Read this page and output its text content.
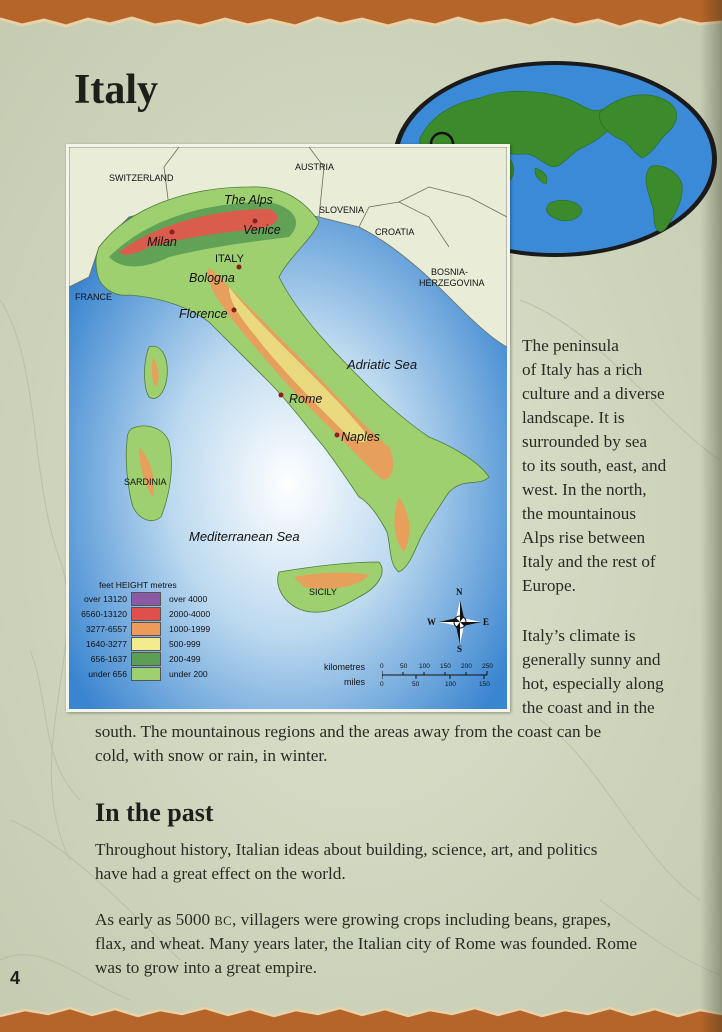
Italy
SWITZERLAND
AUSTRIA
SLOVENIA
CROATIA
BOSNIA-
HERZEGOVINA
FRANCE
ITALY
The Alps
Milan
Venice
Bologna
Florence
Rome
Naples
SARDINIA
SICILY
Adriatic Sea
Mediterranean Sea
feet HEIGHT metres
over 13120	over 4000
6560-13120	2000-4000
3277-6557	1000-1999
1640-3277	500-999
656-1637	200-499
under 656	under 200
N
S
E
W
kilometres
miles
0	50 100 150 200 250
0	50	100	150

The peninsula

of Italy has a rich

culture and a diverse

landscape. It is

surrounded by sea

to its south, east, and

west. In the north,

the mountainous

Alps rise between

Italy and the rest of

Europe.

Italy’s climate is

generally sunny and

hot, especially along

the coast and in the

south. The mountainous regions and the areas away from the coast can be

cold, with snow or rain, in winter.

In the past

Throughout history, Italian ideas about building, science, art, and politics

have had a great effect on the world.

As early as 5000 BC, villagers were growing crops including beans, grapes,

flax, and wheat. Many years later, the Italian city of Rome was founded. Rome

was to grow into a great empire.

4
